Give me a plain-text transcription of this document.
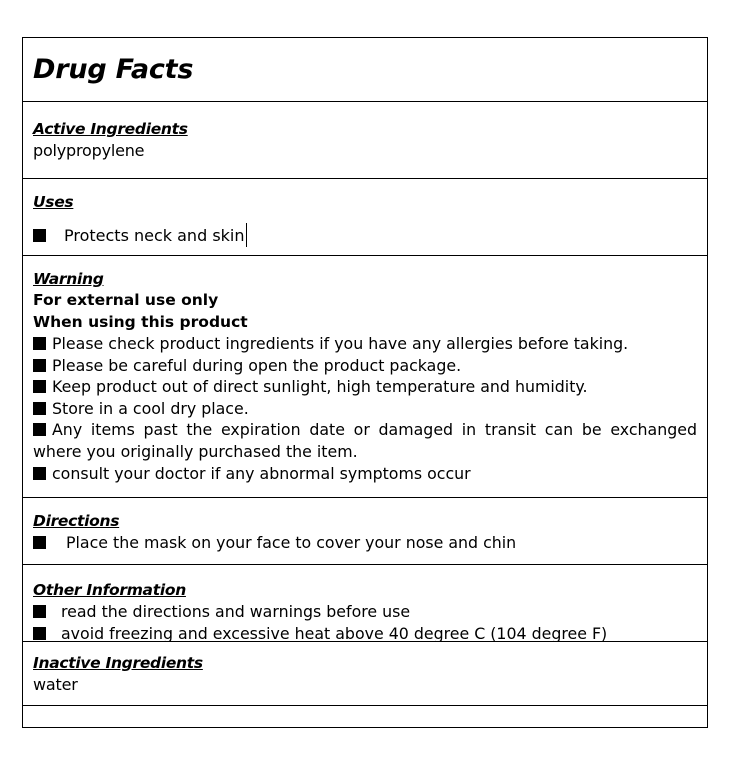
Drug Facts
Active Ingredients
polypropylene
Uses
Protects neck and skin
Warning
For external use only
When using this product
Please check product ingredients if you have any allergies before taking.
Please be careful during open the product package.
Keep product out of direct sunlight, high temperature and humidity.
Store in a cool dry place.
Any items past the expiration date or damaged in transit can be exchanged where you originally purchased the item.
consult your doctor if any abnormal symptoms occur
Directions
Place the mask on your face to cover your nose and chin
Other Information
read the directions and warnings before use
avoid freezing and excessive heat above 40 degree C (104 degree F)
Inactive Ingredients
water
